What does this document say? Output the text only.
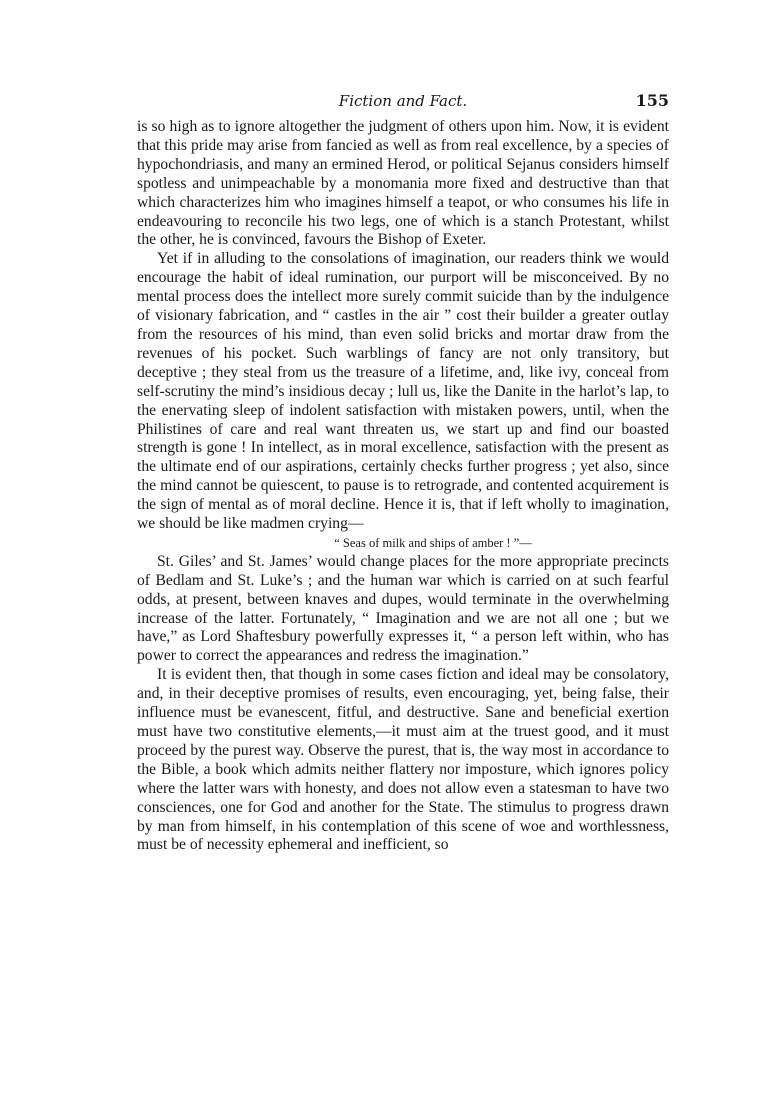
Fiction and Fact.	155

is so high as to ignore altogether the judgment of others upon him. Now, it is evident that this pride may arise from fancied as well as from real excellence, by a species of hypochondriasis, and many an ermined Herod, or political Sejanus considers himself spotless and unimpeachable by a monomania more fixed and destructive than that which characterizes him who imagines himself a teapot, or who consumes his life in endeavouring to reconcile his two legs, one of which is a stanch Protestant, whilst the other, he is convinced, favours the Bishop of Exeter.

Yet if in alluding to the consolations of imagination, our readers think we would encourage the habit of ideal rumination, our purport will be misconceived. By no mental process does the intellect more surely commit suicide than by the indulgence of visionary fabrication, and “ castles in the air ” cost their builder a greater outlay from the resources of his mind, than even solid bricks and mortar draw from the revenues of his pocket. Such warblings of fancy are not only transitory, but deceptive ; they steal from us the treasure of a lifetime, and, like ivy, conceal from self-scrutiny the mind’s insidious decay ; lull us, like the Danite in the harlot’s lap, to the enervating sleep of indolent satisfaction with mistaken powers, until, when the Philistines of care and real want threaten us, we start up and find our boasted strength is gone ! In intellect, as in moral excellence, satisfaction with the present as the ultimate end of our aspirations, certainly checks further progress ; yet also, since the mind cannot be quiescent, to pause is to retrograde, and contented acquirement is the sign of mental as of moral decline. Hence it is, that if left wholly to imagination, we should be like madmen crying—

“ Seas of milk and ships of amber ! ”—

St. Giles’ and St. James’ would change places for the more appropriate precincts of Bedlam and St. Luke’s ; and the human war which is carried on at such fearful odds, at present, between knaves and dupes, would terminate in the overwhelming increase of the latter. Fortunately, “ Imagination and we are not all one ; but we have,” as Lord Shaftesbury powerfully expresses it, “ a person left within, who has power to correct the appearances and redress the imagination.”

It is evident then, that though in some cases fiction and ideal may be consolatory, and, in their deceptive promises of results, even encouraging, yet, being false, their influence must be evanescent, fitful, and destructive. Sane and beneficial exertion must have two constitutive elements,—it must aim at the truest good, and it must proceed by the purest way. Observe the purest, that is, the way most in accordance to the Bible, a book which admits neither flattery nor imposture, which ignores policy where the latter wars with honesty, and does not allow even a statesman to have two consciences, one for God and another for the State. The stimulus to progress drawn by man from himself, in his contemplation of this scene of woe and worthlessness, must be of necessity ephemeral and inefficient, so
